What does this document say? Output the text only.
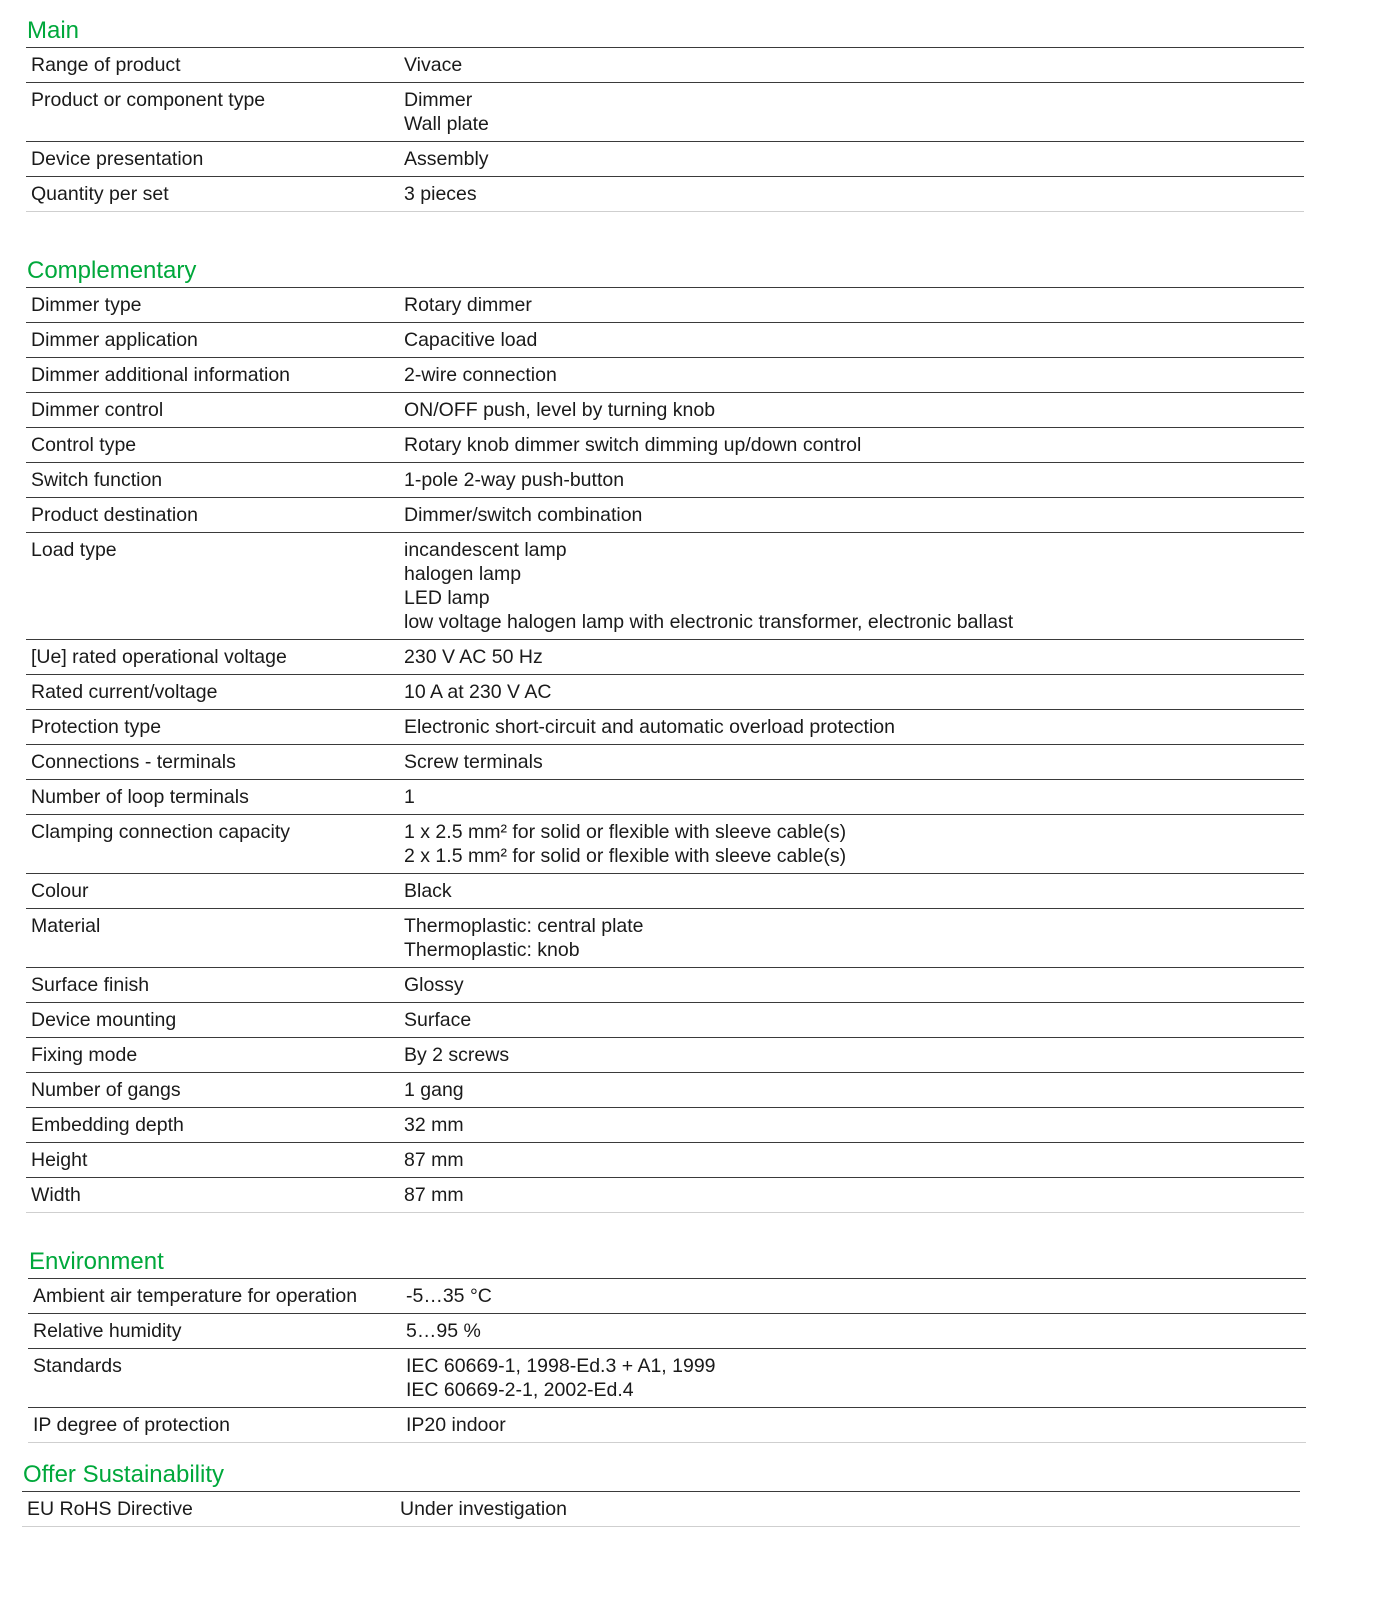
Main
Range of product	Vivace
Product or component type	Dimmer
Wall plate
Device presentation	Assembly
Quantity per set	3 pieces
Complementary
Dimmer type	Rotary dimmer
Dimmer application	Capacitive load
Dimmer additional information	2-wire connection
Dimmer control	ON/OFF push, level by turning knob
Control type	Rotary knob dimmer switch dimming up/down control
Switch function	1-pole 2-way push-button
Product destination	Dimmer/switch combination
Load type	incandescent lamp
halogen lamp
LED lamp
low voltage halogen lamp with electronic transformer, electronic ballast
[Ue] rated operational voltage	230 V AC 50 Hz
Rated current/voltage	10 A at 230 V AC
Protection type	Electronic short-circuit and automatic overload protection
Connections - terminals	Screw terminals
Number of loop terminals	1
Clamping connection capacity	1 x 2.5 mm² for solid or flexible with sleeve cable(s)
2 x 1.5 mm² for solid or flexible with sleeve cable(s)
Colour	Black
Material	Thermoplastic: central plate
Thermoplastic: knob
Surface finish	Glossy
Device mounting	Surface
Fixing mode	By 2 screws
Number of gangs	1 gang
Embedding depth	32 mm
Height	87 mm
Width	87 mm
Environment
Ambient air temperature for operation	-5…35 °C
Relative humidity	5…95 %
Standards	IEC 60669-1, 1998-Ed.3 + A1, 1999
IEC 60669-2-1, 2002-Ed.4
IP degree of protection	IP20 indoor
Offer Sustainability
EU RoHS Directive	Under investigation
